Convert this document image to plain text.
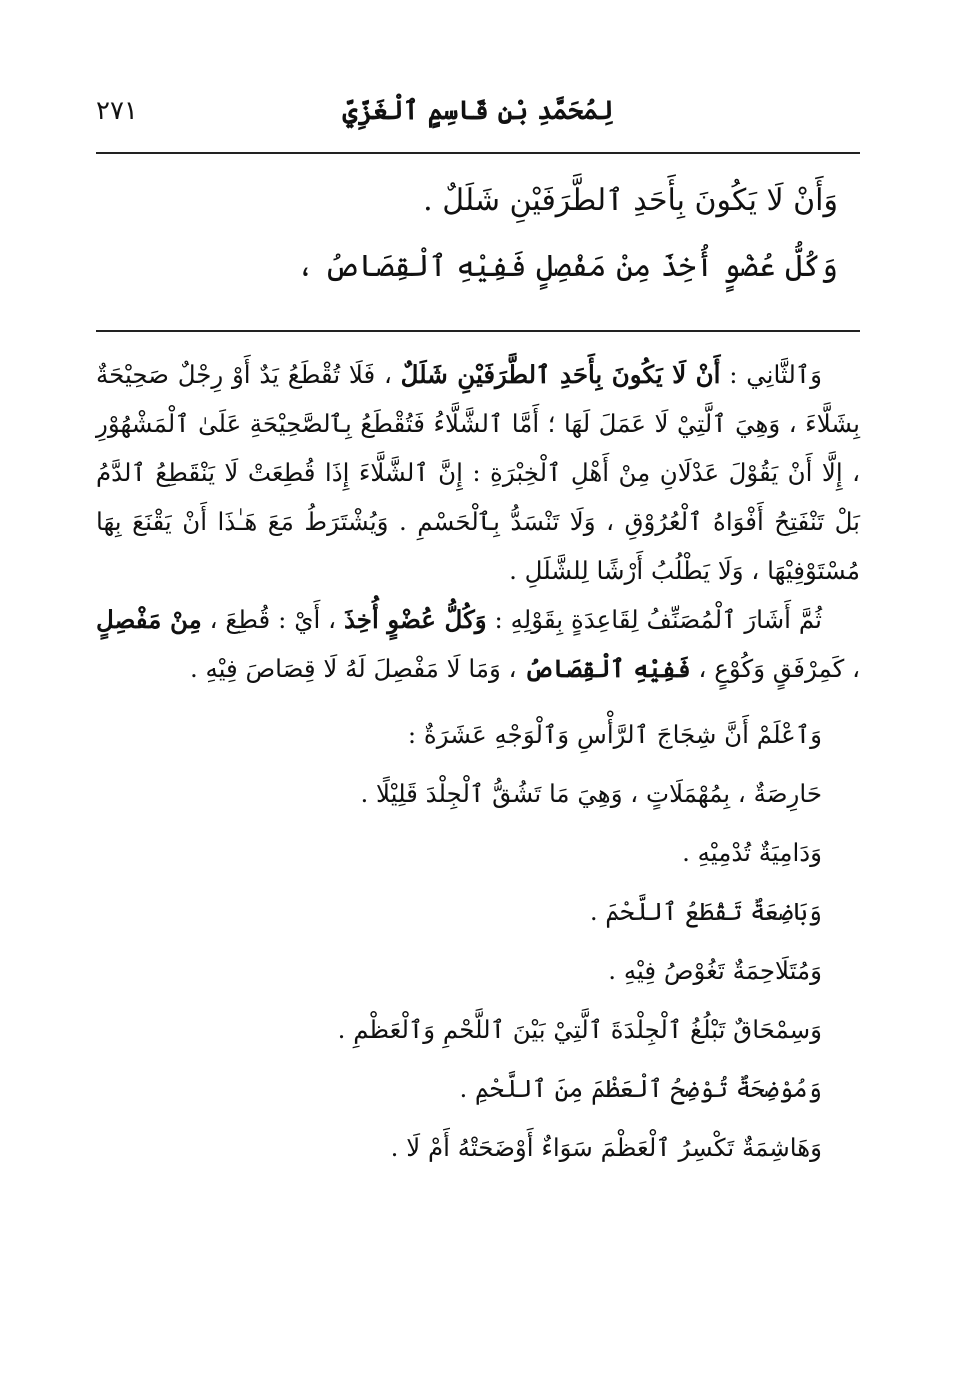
لِمُحَمَّدِ بْنِ قَاسِمٍ ٱلْغَزِّيِّ
٢٧١
وَأَنْ لَا يَكُونَ بِأَحَدِ ٱلطَّرَفَيْنِ شَلَلٌ .
وَكُلُّ عُضْوٍ أُخِذَ مِنْ مَفْصِلٍ فَفِيْهِ ٱلْقِصَاصُ ،

وَٱلثَّانِي : أَنْ لَا يَكُونَ بِأَحَدِ ٱلطَّرَفَيْنِ شَلَلٌ ، فَلَا تُقْطَعُ يَدٌ أَوْ رِجْلٌ صَحِيْحَةٌ بِشَلَّاءَ ، وَهِيَ ٱلَّتِيْ لَا عَمَلَ لَهَا ؛ أَمَّا ٱلشَّلَّاءُ فَتُقْطَعُ بِٱلصَّحِيْحَةِ عَلَىٰ ٱلْمَشْهُوْرِ ، إِلَّا أَنْ يَقُوْلَ عَدْلَانِ مِنْ أَهْلِ ٱلْخِبْرَةِ : إِنَّ ٱلشَّلَّاءَ إِذَا قُطِعَتْ لَا يَنْقَطِعُ ٱلدَّمُ بَلْ تَنْفَتِحُ أَفْوَاهُ ٱلْعُرُوْقِ ، وَلَا تَنْسَدُّ بِٱلْحَسْمِ . وَيُشْتَرَطُ مَعَ هَـٰذَا أَنْ يَقْنَعَ بِهَا مُسْتَوْفِيْهَا ، وَلَا يَطْلُبُ أَرْشًا لِلشَّلَلِ .

ثُمَّ أَشَارَ ٱلْمُصَنِّفُ لِقَاعِدَةٍ بِقَوْلِهِ : وَكُلُّ عُضْوٍ أُخِذَ ، أَيْ : قُطِعَ ، مِنْ مَفْصِلٍ ، كَمِرْفَقٍ وَكُوْعٍ ، فَفِيْهِ ٱلْقِصَاصُ ، وَمَا لَا مَفْصِلَ لَهُ لَا قِصَاصَ فِيْهِ .

وَٱعْلَمْ أَنَّ شِجَاجَ ٱلرَّأْسِ وَٱلْوَجْهِ عَشَرَةٌ :
حَارِصَةٌ ، بِمُهْمَلَاتٍ ، وَهِيَ مَا تَشُقُّ ٱلْجِلْدَ قَلِيْلًا .
وَدَامِيَةٌ تُدْمِيْهِ .
وَبَاضِعَةٌ تَقْطَعُ ٱللَّحْمَ .
وَمُتَلَاحِمَةٌ تَغُوْصُ فِيْهِ .
وَسِمْحَاقٌ تَبْلُغُ ٱلْجِلْدَةَ ٱلَّتِيْ بَيْنَ ٱللَّحْمِ وَٱلْعَظْمِ .
وَمُوْضِحَةٌ تُوْضِحُ ٱلْعَظْمَ مِنَ ٱللَّحْمِ .
وَهَاشِمَةٌ تَكْسِرُ ٱلْعَظْمَ سَوَاءٌ أَوْضَحَتْهُ أَمْ لَا .
